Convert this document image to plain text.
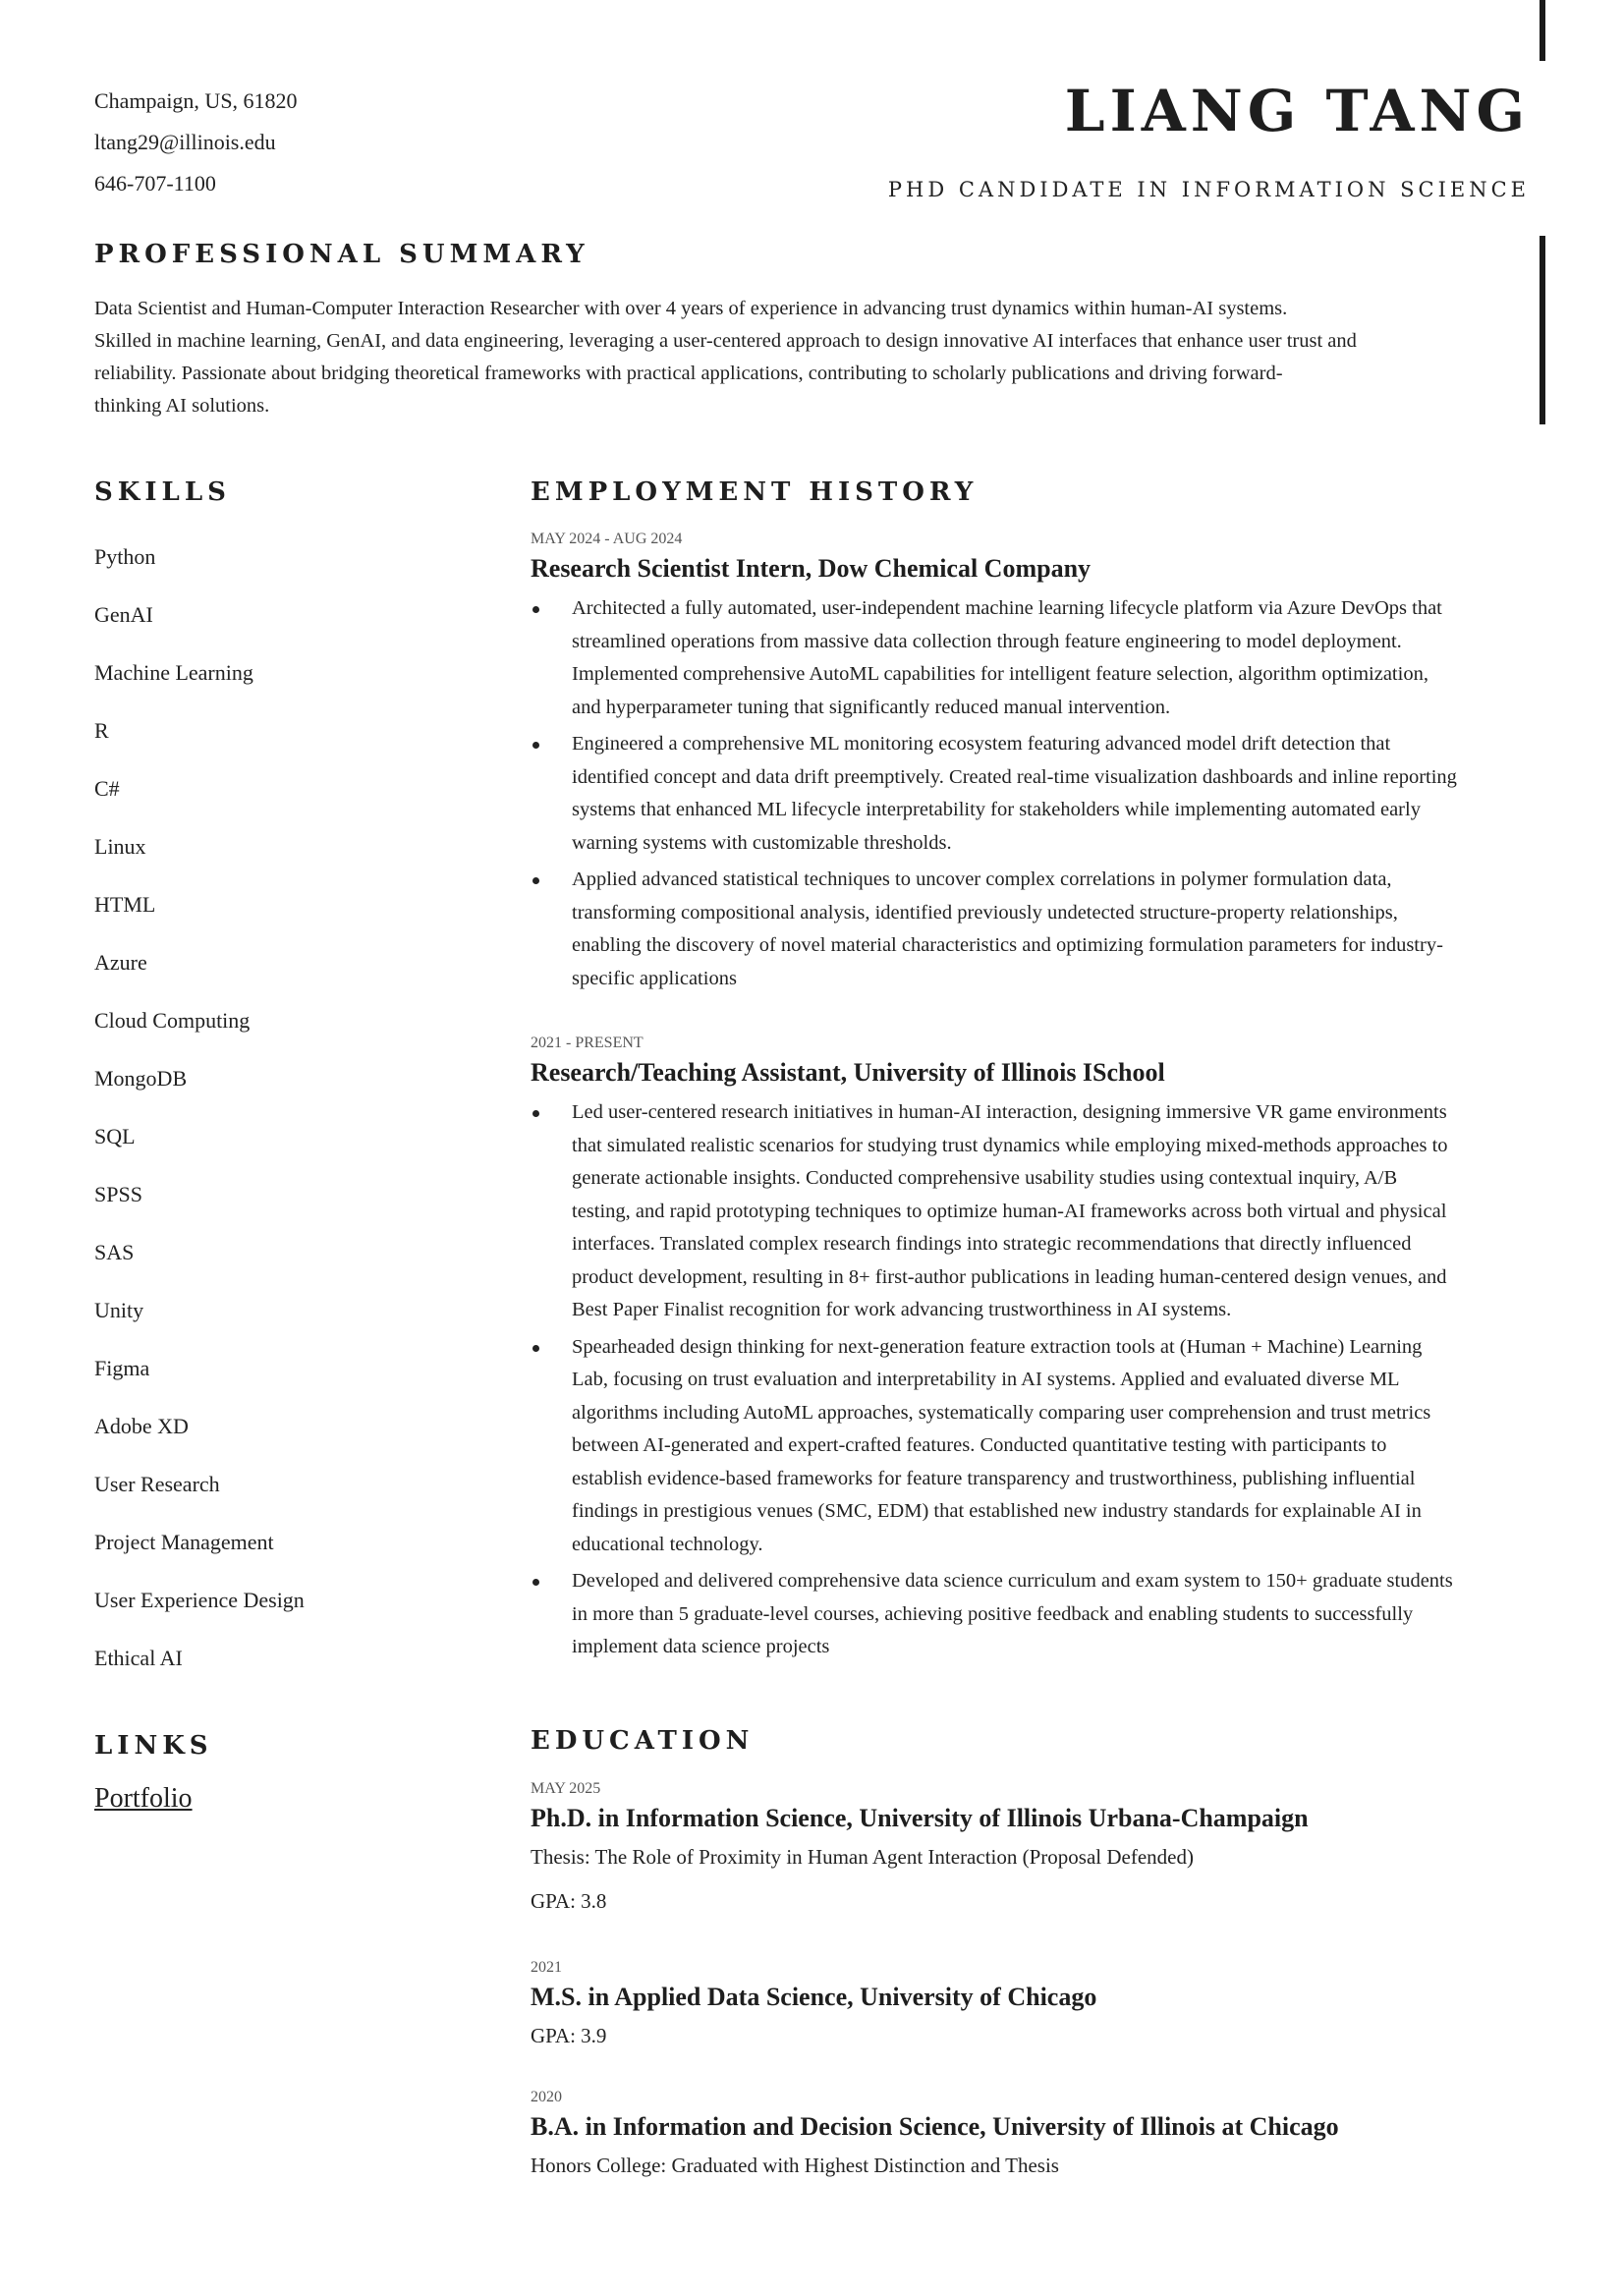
Champaign, US, 61820
ltang29@illinois.edu
646-707-1100
LIANG TANG
PHD CANDIDATE IN INFORMATION SCIENCE
PROFESSIONAL SUMMARY
Data Scientist and Human-Computer Interaction Researcher with over 4 years of experience in advancing trust dynamics within human-AI systems.
Skilled in machine learning, GenAI, and data engineering, leveraging a user-centered approach to design innovative AI interfaces that enhance user trust and
reliability. Passionate about bridging theoretical frameworks with practical applications, contributing to scholarly publications and driving forward-
thinking AI solutions.
SKILLS
Python
GenAI
Machine Learning
R
C#
Linux
HTML
Azure
Cloud Computing
MongoDB
SQL
SPSS
SAS
Unity
Figma
Adobe XD
User Research
Project Management
User Experience Design
Ethical AI
LINKS
Portfolio
EMPLOYMENT HISTORY
MAY 2024 - AUG 2024
Research Scientist Intern, Dow Chemical Company
Architected a fully automated, user-independent machine learning lifecycle platform via Azure DevOps that
streamlined operations from massive data collection through feature engineering to model deployment.
Implemented comprehensive AutoML capabilities for intelligent feature selection, algorithm optimization,
and hyperparameter tuning that significantly reduced manual intervention.
Engineered a comprehensive ML monitoring ecosystem featuring advanced model drift detection that
identified concept and data drift preemptively. Created real-time visualization dashboards and inline reporting
systems that enhanced ML lifecycle interpretability for stakeholders while implementing automated early
warning systems with customizable thresholds.
Applied advanced statistical techniques to uncover complex correlations in polymer formulation data,
transforming compositional analysis, identified previously undetected structure-property relationships,
enabling the discovery of novel material characteristics and optimizing formulation parameters for industry-
specific applications
2021 - PRESENT
Research/Teaching Assistant, University of Illinois ISchool
Led user-centered research initiatives in human-AI interaction, designing immersive VR game environments
that simulated realistic scenarios for studying trust dynamics while employing mixed-methods approaches to
generate actionable insights. Conducted comprehensive usability studies using contextual inquiry, A/B
testing, and rapid prototyping techniques to optimize human-AI frameworks across both virtual and physical
interfaces. Translated complex research findings into strategic recommendations that directly influenced
product development, resulting in 8+ first-author publications in leading human-centered design venues, and
Best Paper Finalist recognition for work advancing trustworthiness in AI systems.
Spearheaded design thinking for next-generation feature extraction tools at (Human + Machine) Learning
Lab, focusing on trust evaluation and interpretability in AI systems. Applied and evaluated diverse ML
algorithms including AutoML approaches, systematically comparing user comprehension and trust metrics
between AI-generated and expert-crafted features. Conducted quantitative testing with participants to
establish evidence-based frameworks for feature transparency and trustworthiness, publishing influential
findings in prestigious venues (SMC, EDM) that established new industry standards for explainable AI in
educational technology.
Developed and delivered comprehensive data science curriculum and exam system to 150+ graduate students
in more than 5 graduate-level courses, achieving positive feedback and enabling students to successfully
implement data science projects
EDUCATION
MAY 2025
Ph.D. in Information Science, University of Illinois Urbana-Champaign
Thesis: The Role of Proximity in Human Agent Interaction (Proposal Defended)
GPA: 3.8
2021
M.S. in Applied Data Science, University of Chicago
GPA: 3.9
2020
B.A. in Information and Decision Science, University of Illinois at Chicago
Honors College: Graduated with Highest Distinction and Thesis
